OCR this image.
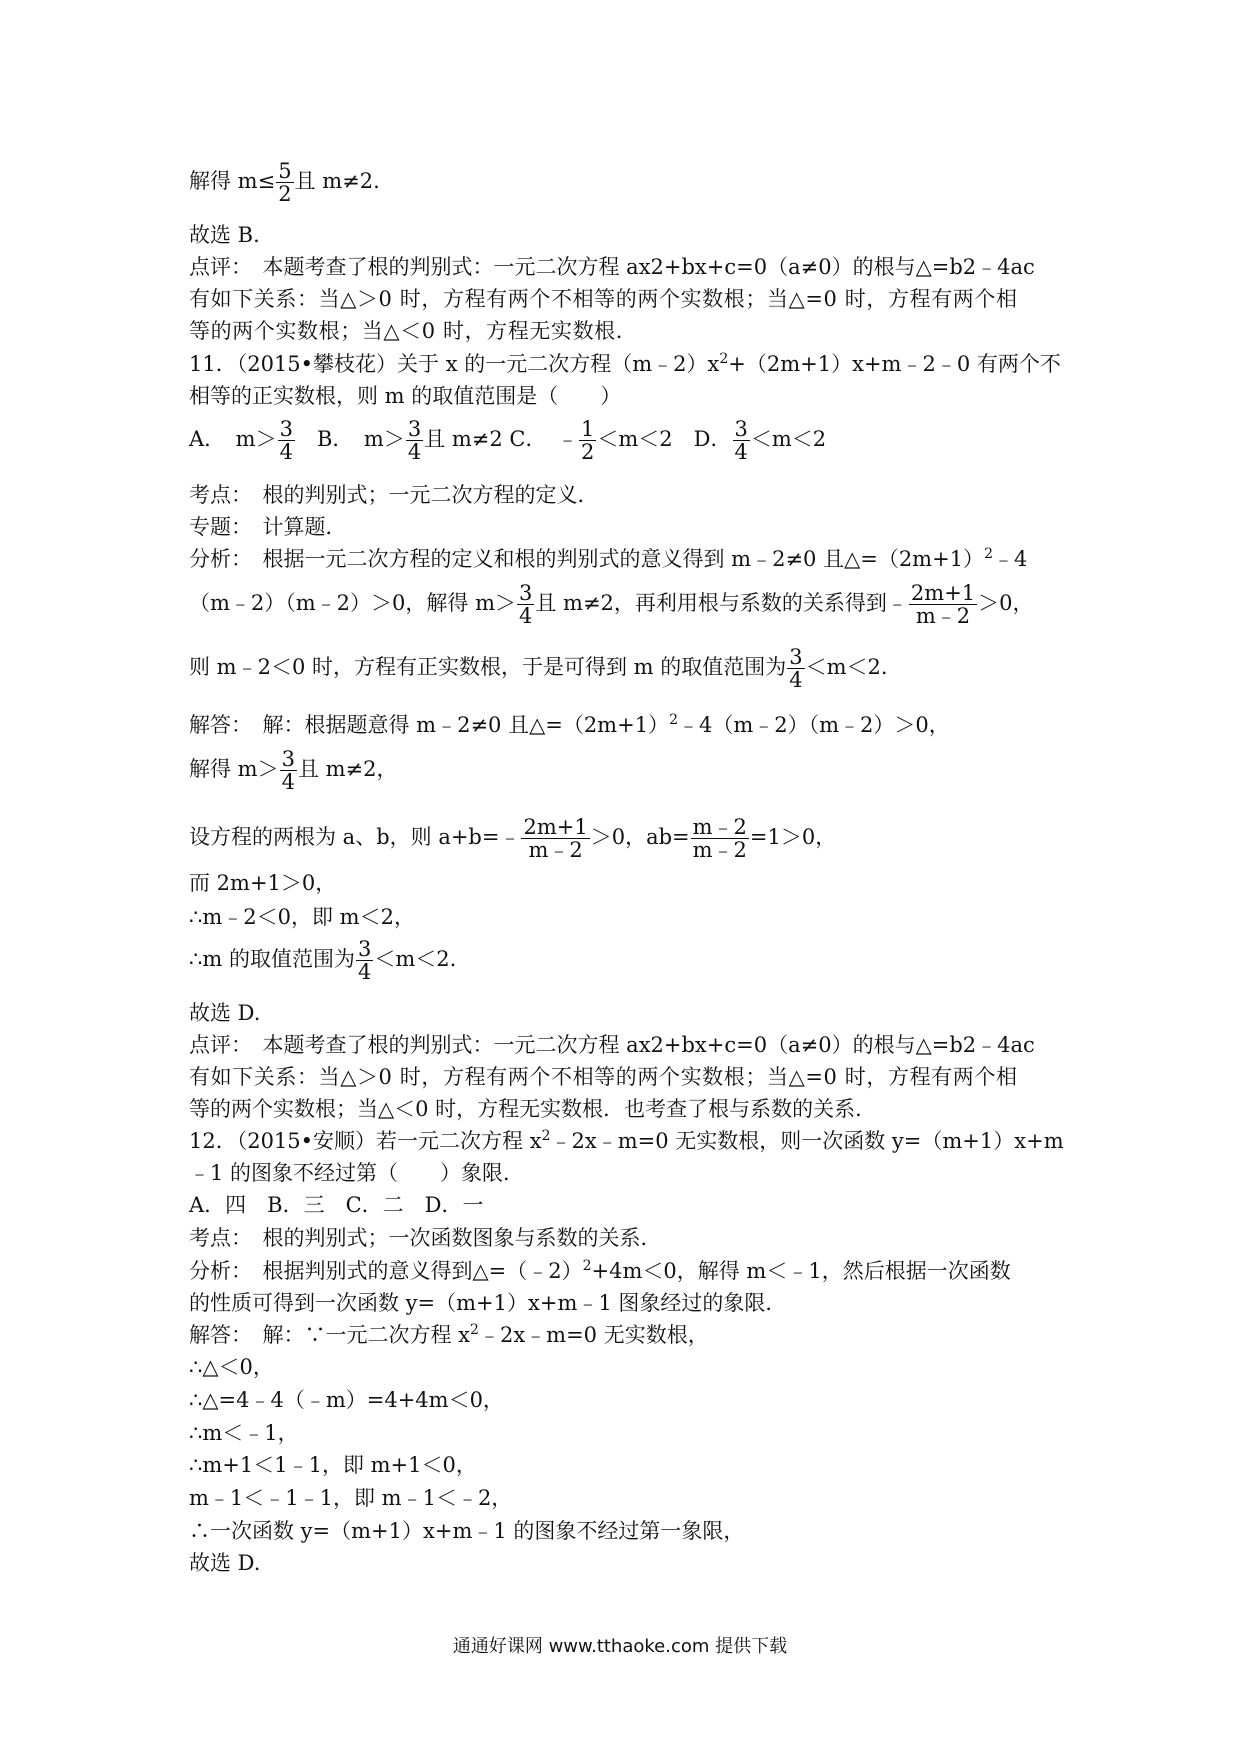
解得 $m\le \frac{5}{2}$ 且 m≠2.
故选 B.
点评：　本题考查了根的判别式：一元二次方程 ax2+bx+c=0（a≠0）的根与△=b2﹣4ac
有如下关系：当△＞0 时，方程有两个不相等的两个实数根；当△=0 时，方程有两个相
等的两个实数根；当△＜0 时，方程无实数根.
11．（2015•攀枝花）关于 x 的一元二次方程$(m﹣2)x^2+(2m+1)x+m﹣2﹣0$ 有两个不
相等的正实数根，则 m 的取值范围是（　　）
A．　$m> \frac{3}{4}$ 　B．　$m> \frac{3}{4}$ 且 m≠2 C．　﹣ $\frac{1}{2} <m<2$　D． $\frac{3}{4} <m<2$
考点：　根的判别式；一元二次方程的定义．
专题：　计算题．
分析：　根据一元二次方程的定义和根的判别式的意义得到 m﹣2≠0 且$\triangle=(2m+1)^2﹣4$
（m﹣2）（m﹣2）＞0，解得 $m> \frac{3}{4}$ 且 m≠2，再利用根与系数的关系得到﹣ $\frac{2m+1}{m﹣2} >0$，
则 m﹣2＜0 时，方程有正实数根，于是可得到 m 的取值范围为 $\frac{3}{4} <m<2$.
解答：　解：根据题意得 m﹣2≠0 且$\triangle=(2m+1)^2﹣4(m﹣2)(m﹣2)>0$，
解得 $m> \frac{3}{4}$ 且 m≠2，
设方程的两根为 a、b，则 a+b=﹣ $\frac{2m+1}{m﹣2} >0$，$ab= \frac{m﹣2}{m﹣2} =1>0$，
而 2m+1＞0，
∴m﹣2＜0，即 m＜2，
∴m 的取值范围为 $\frac{3}{4} <m<2$.
故选 D.
点评：　本题考查了根的判别式：一元二次方程 ax2+bx+c=0（a≠0）的根与△=b2﹣4ac
有如下关系：当△＞0 时，方程有两个不相等的两个实数根；当△=0 时，方程有两个相
等的两个实数根；当△＜0 时，方程无实数根．也考查了根与系数的关系．
12．（2015•安顺）若一元二次方程 $x^2﹣2x﹣m=0$ 无实数根，则一次函数 y=（m+1）x+m
﹣1 的图象不经过第（　　）象限．
A．四　B．三　C．二　D．一
考点：　根的判别式；一次函数图象与系数的关系．
分析：　根据判别式的意义得到△=（﹣2）$^2$+4m＜0，解得 m＜﹣1，然后根据一次函数
的性质可得到一次函数 y=（m+1）x+m﹣1 图象经过的象限．
解答：　解：∵一元二次方程 $x^2﹣2x﹣m=0$ 无实数根，
∴△＜0，
∴△=4﹣4（﹣m）=4+4m＜0，
∴m＜﹣1，
∴m+1＜1﹣1，即 m+1＜0，
m﹣1＜﹣1﹣1，即 m﹣1＜﹣2，
∴一次函数 y=（m+1）x+m﹣1 的图象不经过第一象限，
故选 D.
通通好课网 www.tthaoke.com 提供下载
